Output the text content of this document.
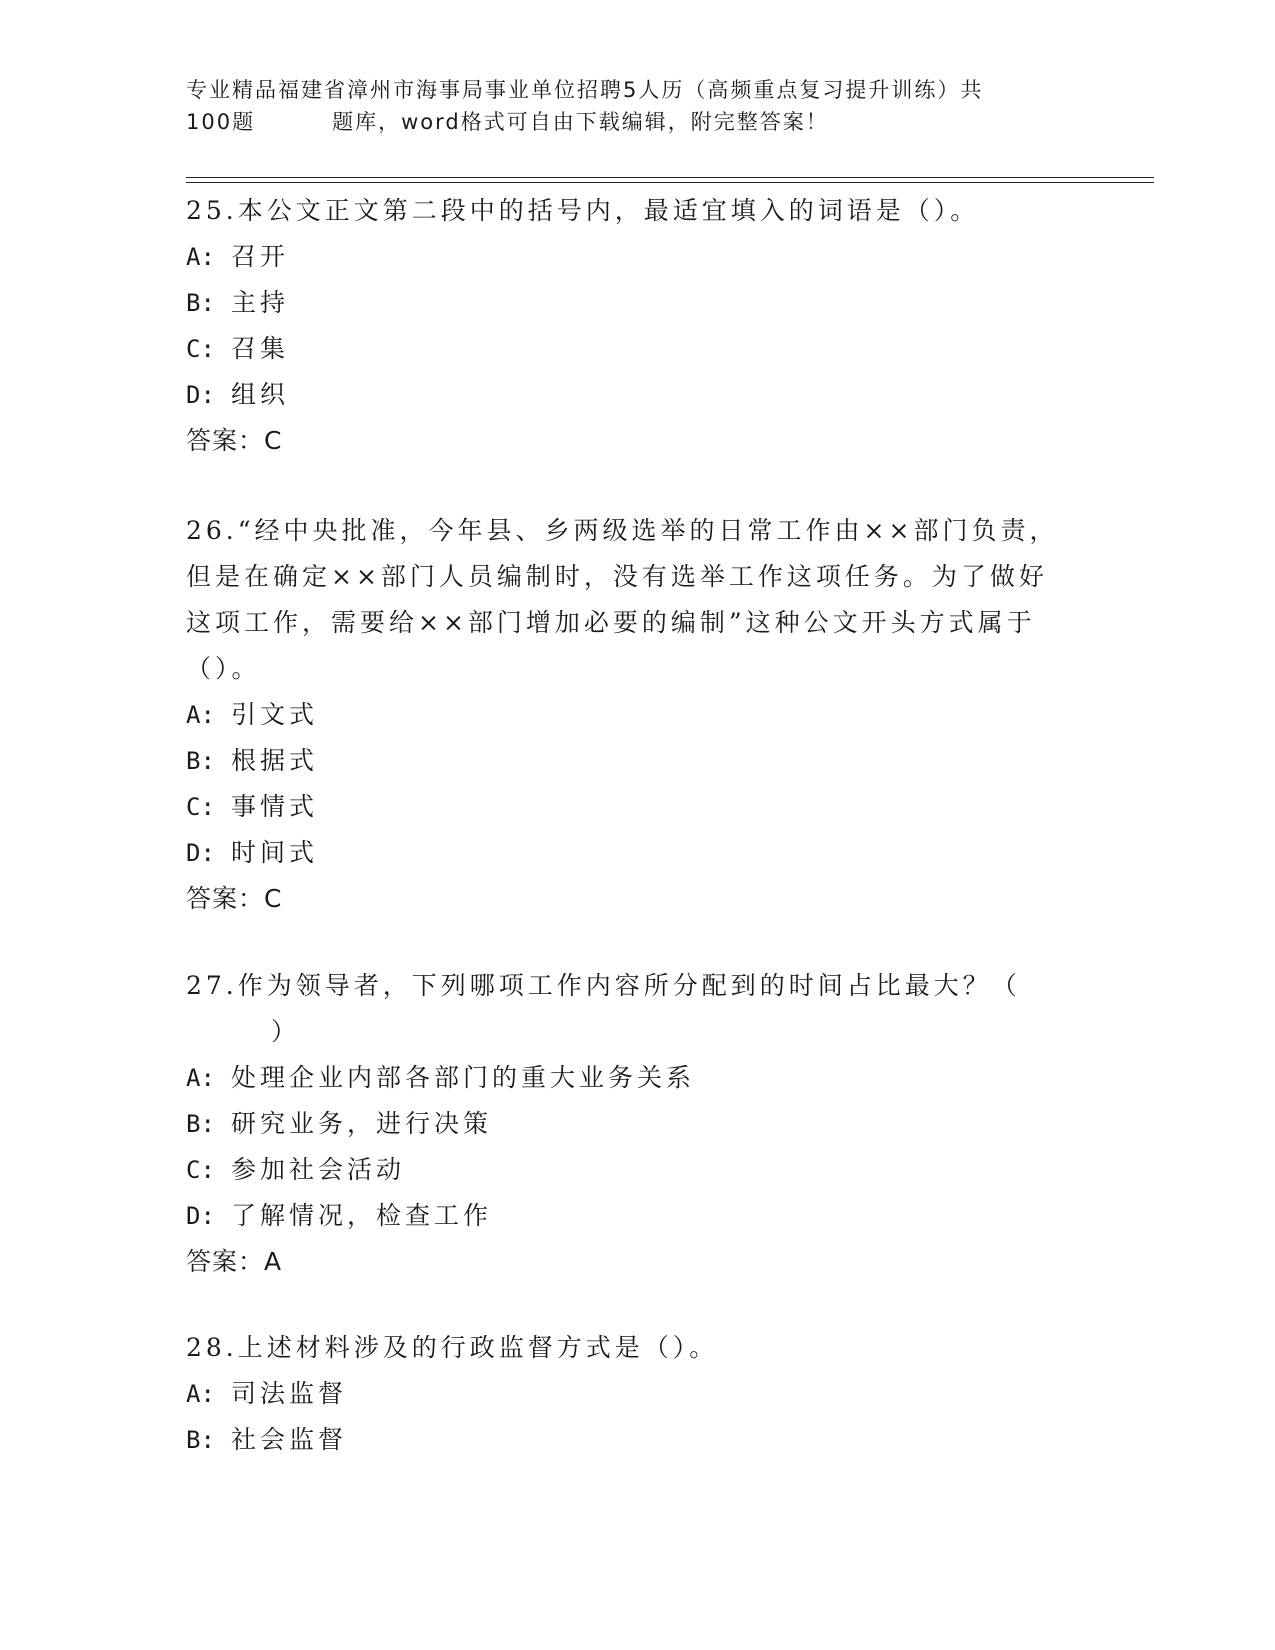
专业精品福建省漳州市海事局事业单位招聘5人历（高频重点复习提升训练）共
100题	题库，word格式可自由下载编辑，附完整答案！

25.本公文正文第二段中的括号内，最适宜填入的词语是（）。

A: 召开

B: 主持

C: 召集

D: 组织

答案：C

26.“经中央批准，今年县、乡两级选举的日常工作由××部门负责，

但是在确定××部门人员编制时，没有选举工作这项任务。为了做好

这项工作，需要给××部门增加必要的编制”这种公文开头方式属于

（）。

A: 引文式

B: 根据式

C: 事情式

D: 时间式

答案：C

27.作为领导者，下列哪项工作内容所分配到的时间占比最大？（

）

A: 处理企业内部各部门的重大业务关系

B: 研究业务，进行决策

C: 参加社会活动

D: 了解情况，检查工作

答案：A

28.上述材料涉及的行政监督方式是（）。

A: 司法监督

B: 社会监督
